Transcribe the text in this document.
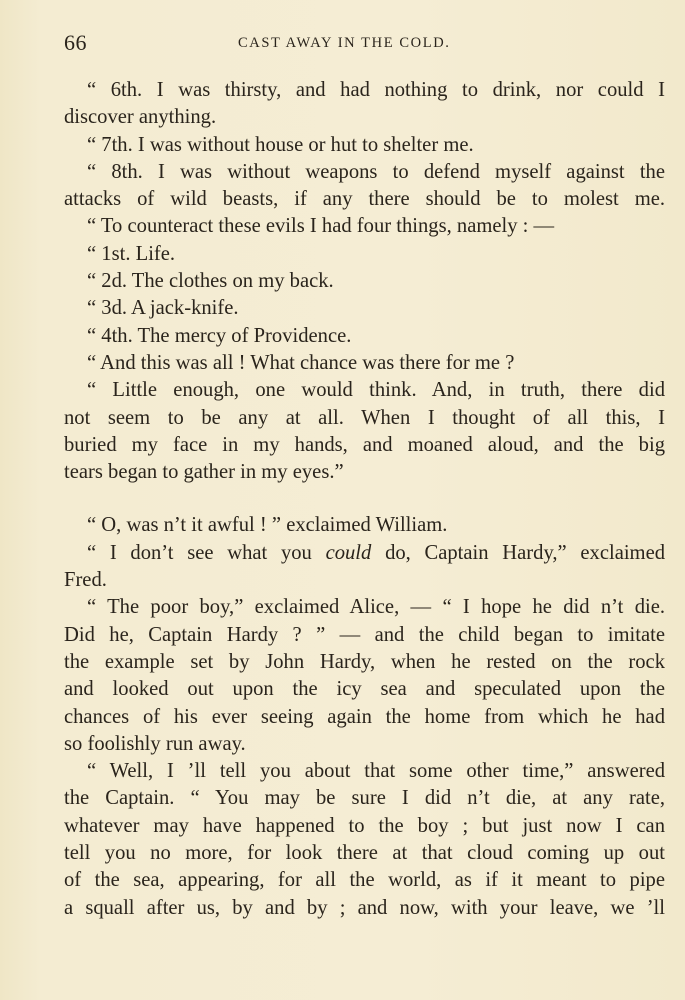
66	CAST AWAY IN THE COLD.
“ 6th. I was thirsty, and had nothing to drink, nor could I
discover anything.
“ 7th. I was without house or hut to shelter me.
“ 8th. I was without weapons to defend myself against the
attacks of wild beasts, if any there should be to molest me.
“ To counteract these evils I had four things, namely : —
“ 1st. Life.
“ 2d. The clothes on my back.
“ 3d. A jack-knife.
“ 4th. The mercy of Providence.
“ And this was all ! What chance was there for me ?
“ Little enough, one would think. And, in truth, there did
not seem to be any at all. When I thought of all this, I
buried my face in my hands, and moaned aloud, and the big
tears began to gather in my eyes.”
“ O, was n’t it awful ! ” exclaimed William.
“ I don’t see what you could do, Captain Hardy,” exclaimed
Fred.
“ The poor boy,” exclaimed Alice, — “ I hope he did n’t die.
Did he, Captain Hardy ? ” — and the child began to imitate
the example set by John Hardy, when he rested on the rock
and looked out upon the icy sea and speculated upon the
chances of his ever seeing again the home from which he had
so foolishly run away.
“ Well, I ’ll tell you about that some other time,” answered
the Captain. “ You may be sure I did n’t die, at any rate,
whatever may have happened to the boy ; but just now I can
tell you no more, for look there at that cloud coming up out
of the sea, appearing, for all the world, as if it meant to pipe
a squall after us, by and by ; and now, with your leave, we ’ll
